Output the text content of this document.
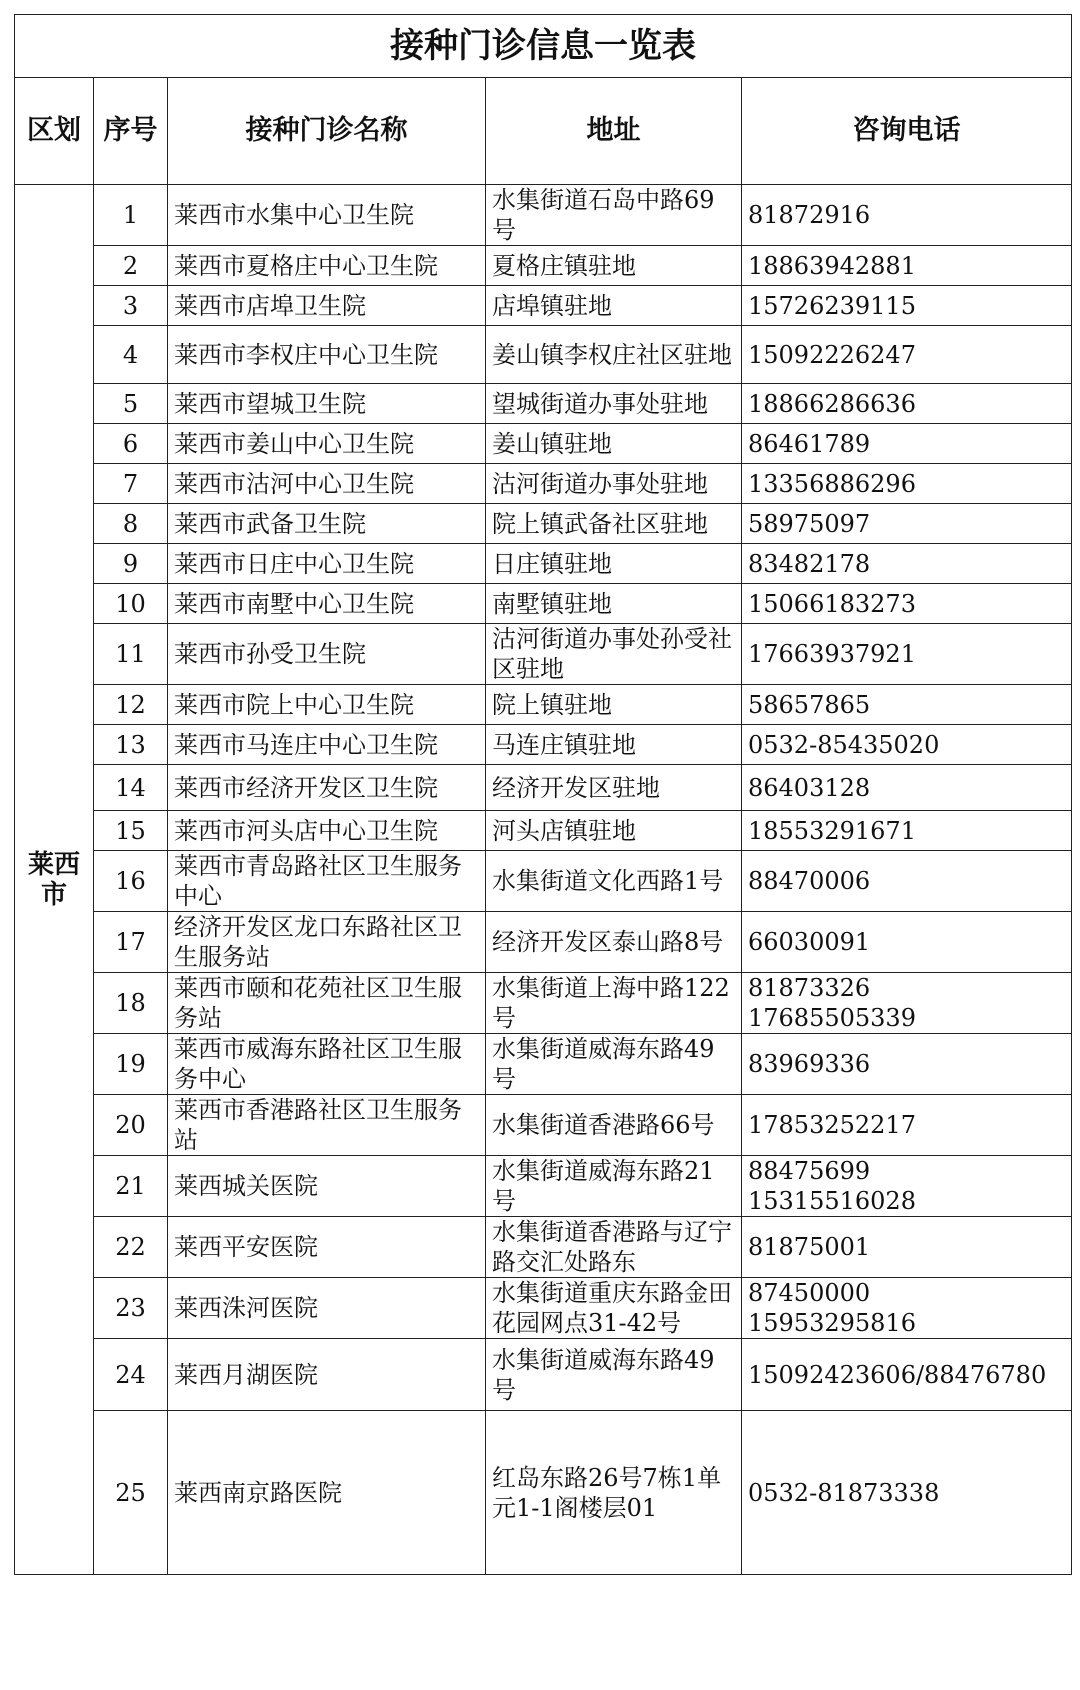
接种门诊信息一览表				
区划	序号	接种门诊名称	地址	咨询电话
莱西市	1	莱西市水集中心卫生院	水集街道石岛中路69号	81872916

	2	莱西市夏格庄中心卫生院	夏格庄镇驻地	18863942881

	3	莱西市店埠卫生院	店埠镇驻地	15726239115

	4	莱西市李权庄中心卫生院	姜山镇李权庄社区驻地	15092226247

	5	莱西市望城卫生院	望城街道办事处驻地	18866286636

	6	莱西市姜山中心卫生院	姜山镇驻地	86461789

	7	莱西市沽河中心卫生院	沽河街道办事处驻地	13356886296

	8	莱西市武备卫生院	院上镇武备社区驻地	58975097

	9	莱西市日庄中心卫生院	日庄镇驻地	83482178

	10	莱西市南墅中心卫生院	南墅镇驻地	15066183273

	11	莱西市孙受卫生院	沽河街道办事处孙受社区驻地	17663937921

	12	莱西市院上中心卫生院	院上镇驻地	58657865

	13	莱西市马连庄中心卫生院	马连庄镇驻地	0532-85435020

	14	莱西市经济开发区卫生院	经济开发区驻地	86403128

	15	莱西市河头店中心卫生院	河头店镇驻地	18553291671

	16	莱西市青岛路社区卫生服务中心	水集街道文化西路1号	88470006

	17	经济开发区龙口东路社区卫生服务站	经济开发区泰山路8号	66030091

	18	莱西市颐和花苑社区卫生服务站	水集街道上海中路122号	81873326
17685505339

	19	莱西市威海东路社区卫生服务中心	水集街道威海东路49号	83969336

	20	莱西市香港路社区卫生服务站	水集街道香港路66号	17853252217

	21	莱西城关医院	水集街道威海东路21号	88475699
15315516028

	22	莱西平安医院	水集街道香港路与辽宁路交汇处路东	81875001

	23	莱西洙河医院	水集街道重庆东路金田花园网点31-42号	87450000
15953295816

	24	莱西月湖医院	水集街道威海东路49号	15092423606/88476780

	25	莱西南京路医院	红岛东路26号7栋1单元1-1阁楼层01	0532-81873338
